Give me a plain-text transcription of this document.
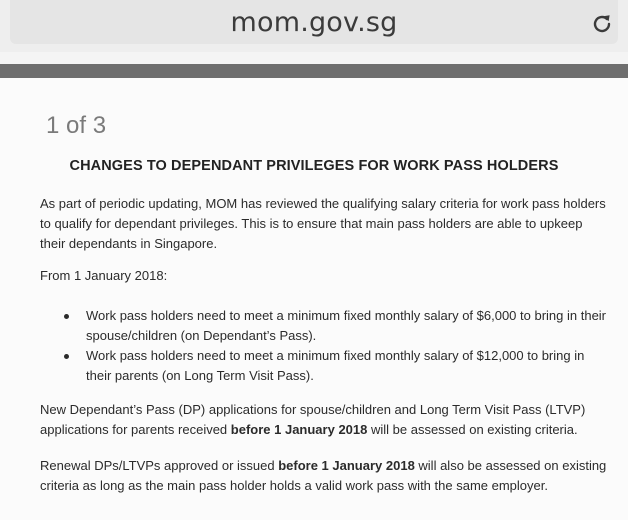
mom.gov.sg
1 of 3
CHANGES TO DEPENDANT PRIVILEGES FOR WORK PASS HOLDERS
As part of periodic updating, MOM has reviewed the qualifying salary criteria for work pass holders to qualify for dependant privileges. This is to ensure that main pass holders are able to upkeep their dependants in Singapore.
From 1 January 2018:
Work pass holders need to meet a minimum fixed monthly salary of $6,000 to bring in their spouse/children (on Dependant’s Pass).
Work pass holders need to meet a minimum fixed monthly salary of $12,000 to bring in their parents (on Long Term Visit Pass).
New Dependant’s Pass (DP) applications for spouse/children and Long Term Visit Pass (LTVP) applications for parents received before 1 January 2018 will be assessed on existing criteria.
Renewal DPs/LTVPs approved or issued before 1 January 2018 will also be assessed on existing criteria as long as the main pass holder holds a valid work pass with the same employer.
